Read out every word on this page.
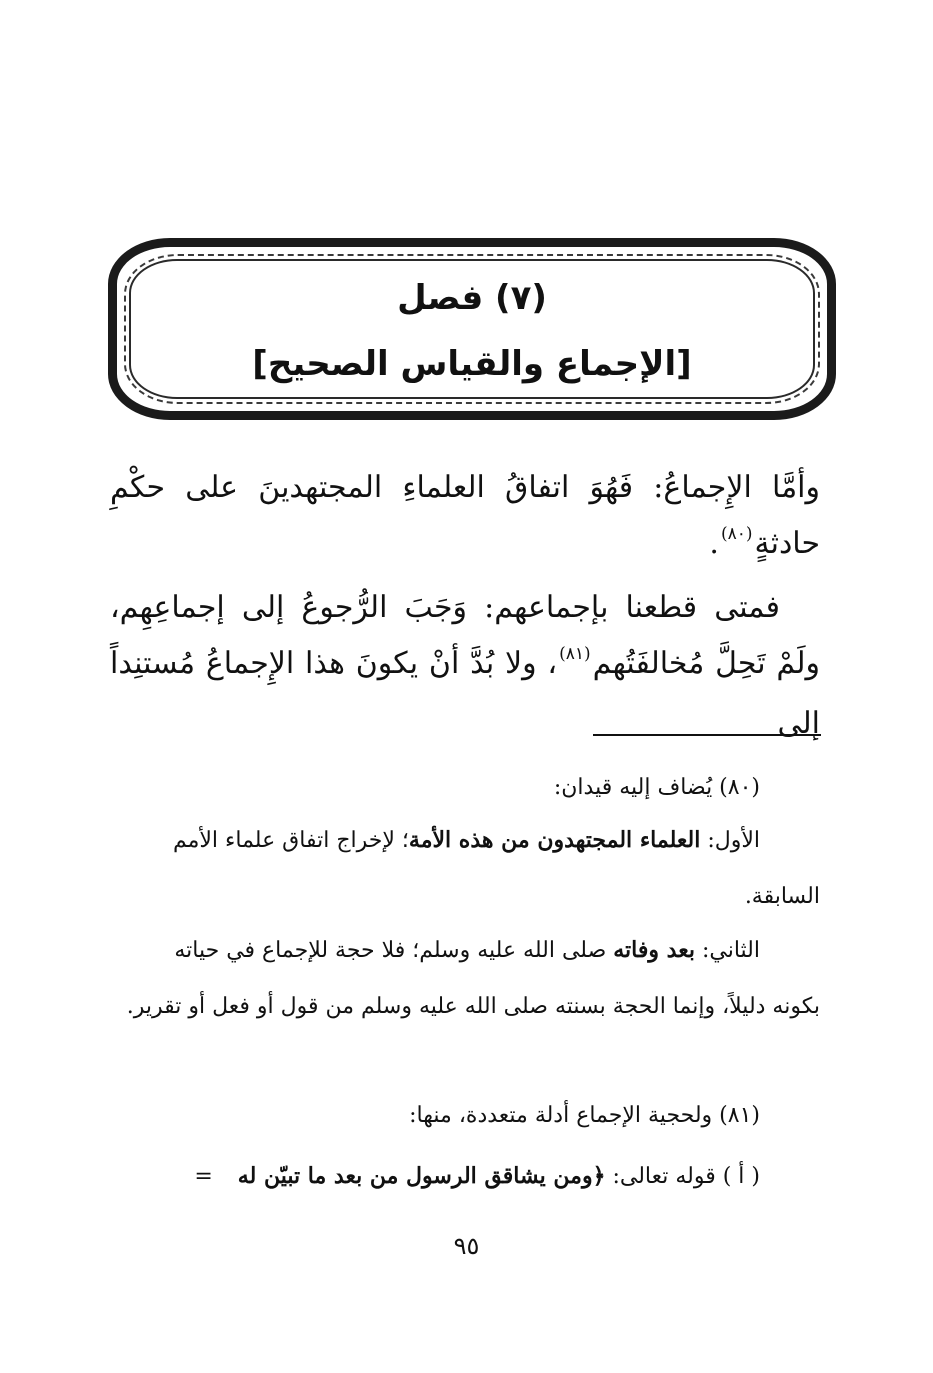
(٧) فصل
[الإجماع والقياس الصحيح]

وأمَّا الإِجماعُ: فَهُوَ اتفاقُ العلماءِ المجتهدينَ على حكْمِ حادثةٍ$^{(٨٠)}$.

فمتى قطعنا بإجماعهم: وَجَبَ الرُّجوعُ إلى إجماعِهِم، ولَمْ تَحِلَّ مُخالفَتُهم$^{(٨١)}$، ولا بُدَّ أنْ يكونَ هذا الإِجماعُ مُستنِداً إلى

(٨٠) يُضاف إليه قيدان:

الأول: العلماء المجتهدون من هذه الأمة؛ لإخراج اتفاق علماء الأمم السابقة.

الثاني: بعد وفاته صلى الله عليه وسلم؛ فلا حجة للإجماع في حياته بكونه دليلاً، وإنما الحجة بسنته صلى الله عليه وسلم من قول أو فعل أو تقرير.

(٨١) ولحجية الإجماع أدلة متعددة، منها:

( أ ) قوله تعالى: ﴿ومن يشاقق الرسول من بعد ما تبيّن له =

٩٥
